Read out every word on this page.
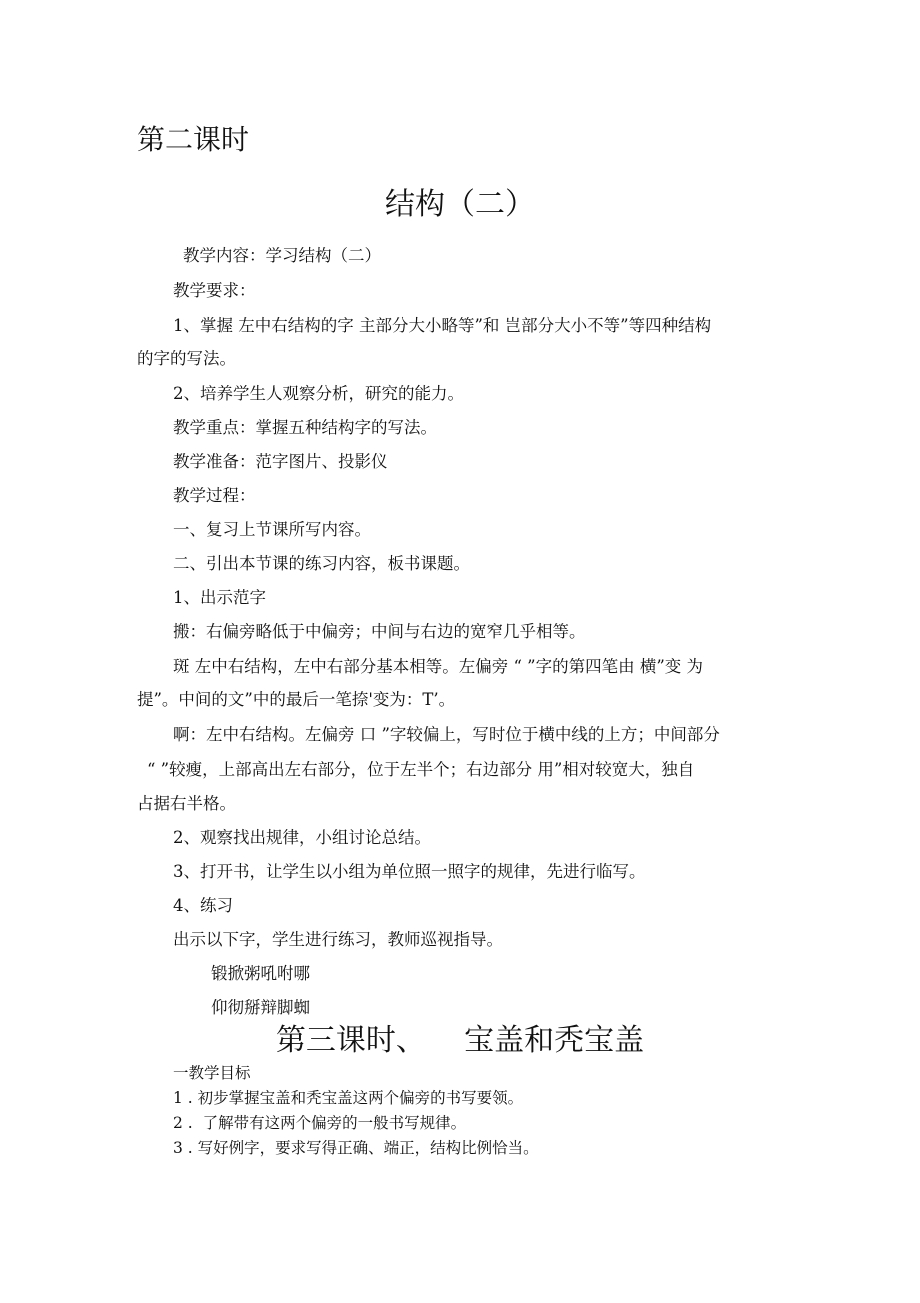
第二课时
结构（二）
教学内容：学习结构（二）
教学要求：
1、掌握 左中右结构的字 主部分大小略等”和 岂部分大小不等”等四种结构
的字的写法。
2、培养学生人观察分析，研究的能力。
教学重点：掌握五种结构字的写法。
教学准备：范字图片、投影仪
教学过程：
一、复习上节课所写内容。
二、引出本节课的练习内容，板书课题。
1、出示范字
搬：右偏旁略低于中偏旁；中间与右边的宽窄几乎相等。
斑 左中右结构，左中右部分基本相等。左偏旁 “ ”字的第四笔由 横”变 为
提”。中间的文”中的最后一笔捺'变为：T’。
啊：左中右结构。左偏旁 口 ”字较偏上，写时位于横中线的上方；中间部分
“ ”较瘦，上部高出左右部分，位于左半个；右边部分 用”相对较宽大，独自
占据右半格。
2、观察找出规律，小组讨论总结。
3、打开书，让学生以小组为单位照一照字的规律，先进行临写。
4、练习
出示以下字，学生进行练习，教师巡视指导。
锻掀粥吼咐哪
仰彻掰辩脚蜘
第三课时、    宝盖和秃宝盖
一教学目标
1 . 初步掌握宝盖和秃宝盖这两个偏旁的书写要领。
2 .  了解带有这两个偏旁的一般书写规律。
3 . 写好例字，要求写得正确、端正，结构比例恰当。
